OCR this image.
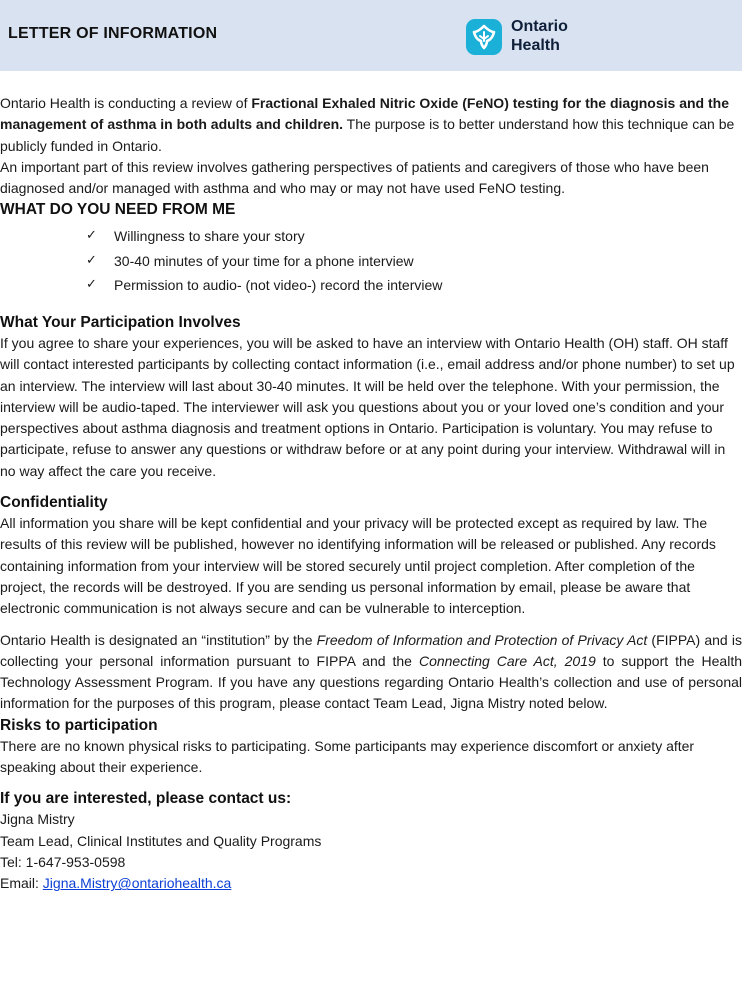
LETTER OF INFORMATION	Ontario
Health

Ontario Health is conducting a review of Fractional Exhaled Nitric Oxide (FeNO) testing for the diagnosis and the management of asthma in both adults and children. The purpose is to better understand how this technique can be publicly funded in Ontario.

An important part of this review involves gathering perspectives of patients and caregivers of those who have been diagnosed and/or managed with asthma and who may or may not have used FeNO testing.

WHAT DO YOU NEED FROM ME
✓ Willingness to share your story
✓ 30-40 minutes of your time for a phone interview
✓ Permission to audio- (not video-) record the interview
What Your Participation Involves

If you agree to share your experiences, you will be asked to have an interview with Ontario Health (OH) staff. OH staff will contact interested participants by collecting contact information (i.e., email address and/or phone number) to set up an interview. The interview will last about 30-40 minutes. It will be held over the telephone. With your permission, the interview will be audio-taped. The interviewer will ask you questions about you or your loved one’s condition and your perspectives about asthma diagnosis and treatment options in Ontario. Participation is voluntary. You may refuse to participate, refuse to answer any questions or withdraw before or at any point during your interview. Withdrawal will in no way affect the care you receive.

Confidentiality

All information you share will be kept confidential and your privacy will be protected except as required by law. The results of this review will be published, however no identifying information will be released or published. Any records containing information from your interview will be stored securely until project completion. After completion of the project, the records will be destroyed. If you are sending us personal information by email, please be aware that electronic communication is not always secure and can be vulnerable to interception.

Ontario Health is designated an “institution” by the Freedom of Information and Protection of Privacy Act (FIPPA) and is collecting your personal information pursuant to FIPPA and the Connecting Care Act, 2019 to support the Health Technology Assessment Program. If you have any questions regarding Ontario Health’s collection and use of personal information for the purposes of this program, please contact Team Lead, Jigna Mistry noted below.

Risks to participation

There are no known physical risks to participating. Some participants may experience discomfort or anxiety after speaking about their experience.

If you are interested, please contact us:

Jigna Mistry

Team Lead, Clinical Institutes and Quality Programs

Tel: 1-647-953-0598

Email: Jigna.Mistry@ontariohealth.ca
